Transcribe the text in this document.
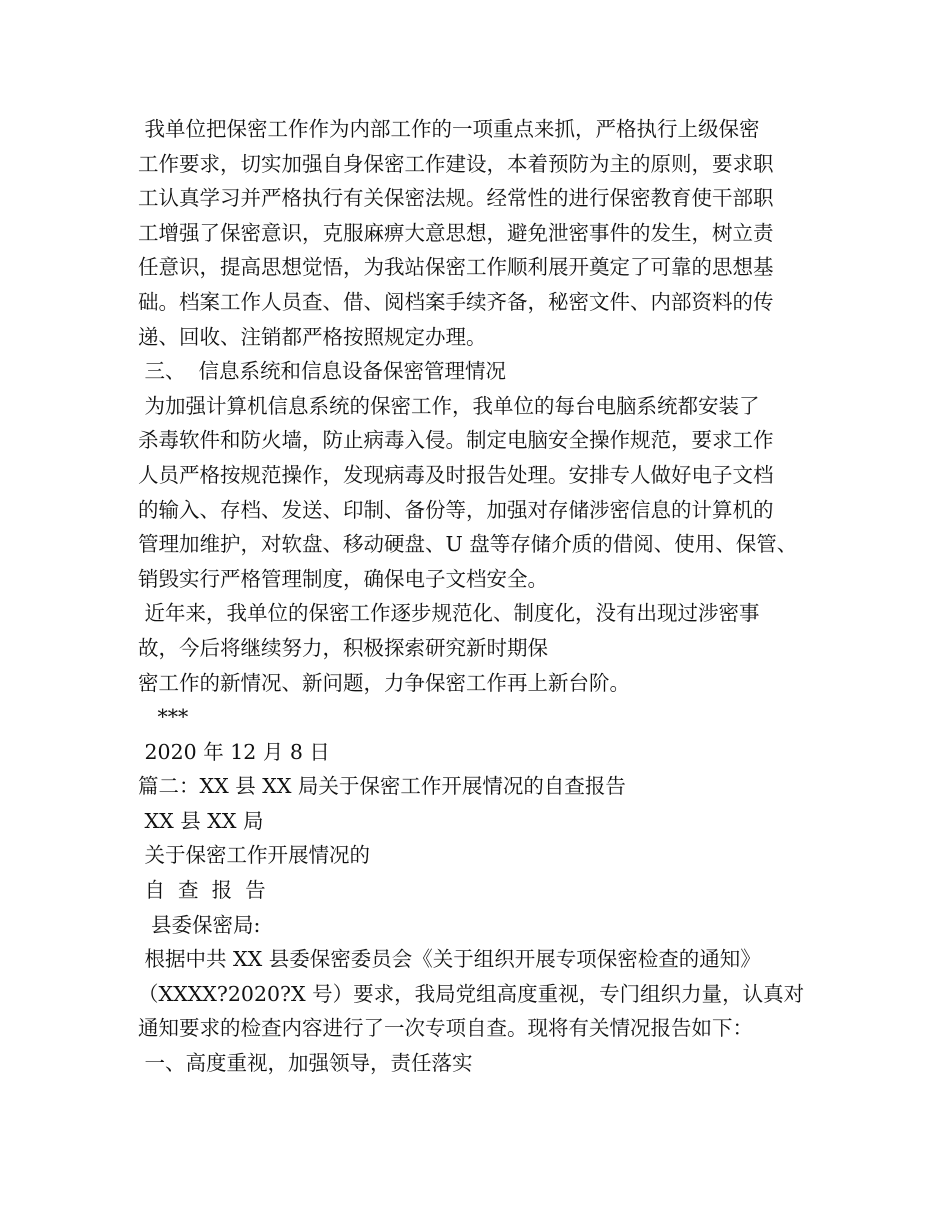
我单位把保密工作作为内部工作的一项重点来抓，严格执行上级保密

工作要求，切实加强自身保密工作建设，本着预防为主的原则，要求职

工认真学习并严格执行有关保密法规。经常性的进行保密教育使干部职

工增强了保密意识，克服麻痹大意思想，避免泄密事件的发生，树立责

任意识，提高思想觉悟，为我站保密工作顺利展开奠定了可靠的思想基

础。档案工作人员查、借、阅档案手续齐备，秘密文件、内部资料的传

递、回收、注销都严格按照规定办理。

三、  信息系统和信息设备保密管理情况

为加强计算机信息系统的保密工作，我单位的每台电脑系统都安装了

杀毒软件和防火墙，防止病毒入侵。制定电脑安全操作规范，要求工作

人员严格按规范操作，发现病毒及时报告处理。安排专人做好电子文档

的输入、存档、发送、印制、备份等，加强对存储涉密信息的计算机的

管理加维护，对软盘、移动硬盘、U 盘等存储介质的借阅、使用、保管、

销毁实行严格管理制度，确保电子文档安全。

近年来，我单位的保密工作逐步规范化、制度化，没有出现过涉密事

故，今后将继续努力，积极探索研究新时期保

密工作的新情况、新问题，力争保密工作再上新台阶。

***

2020 年 12 月 8 日

篇二：XX 县 XX 局关于保密工作开展情况的自查报告

XX 县 XX 局

关于保密工作开展情况的

自  查  报  告

县委保密局:

根据中共 XX 县委保密委员会《关于组织开展专项保密检查的通知》

（XXXX?2020?X 号）要求，我局党组高度重视，专门组织力量，认真对

通知要求的检查内容进行了一次专项自查。现将有关情况报告如下：

一、高度重视，加强领导，责任落实
